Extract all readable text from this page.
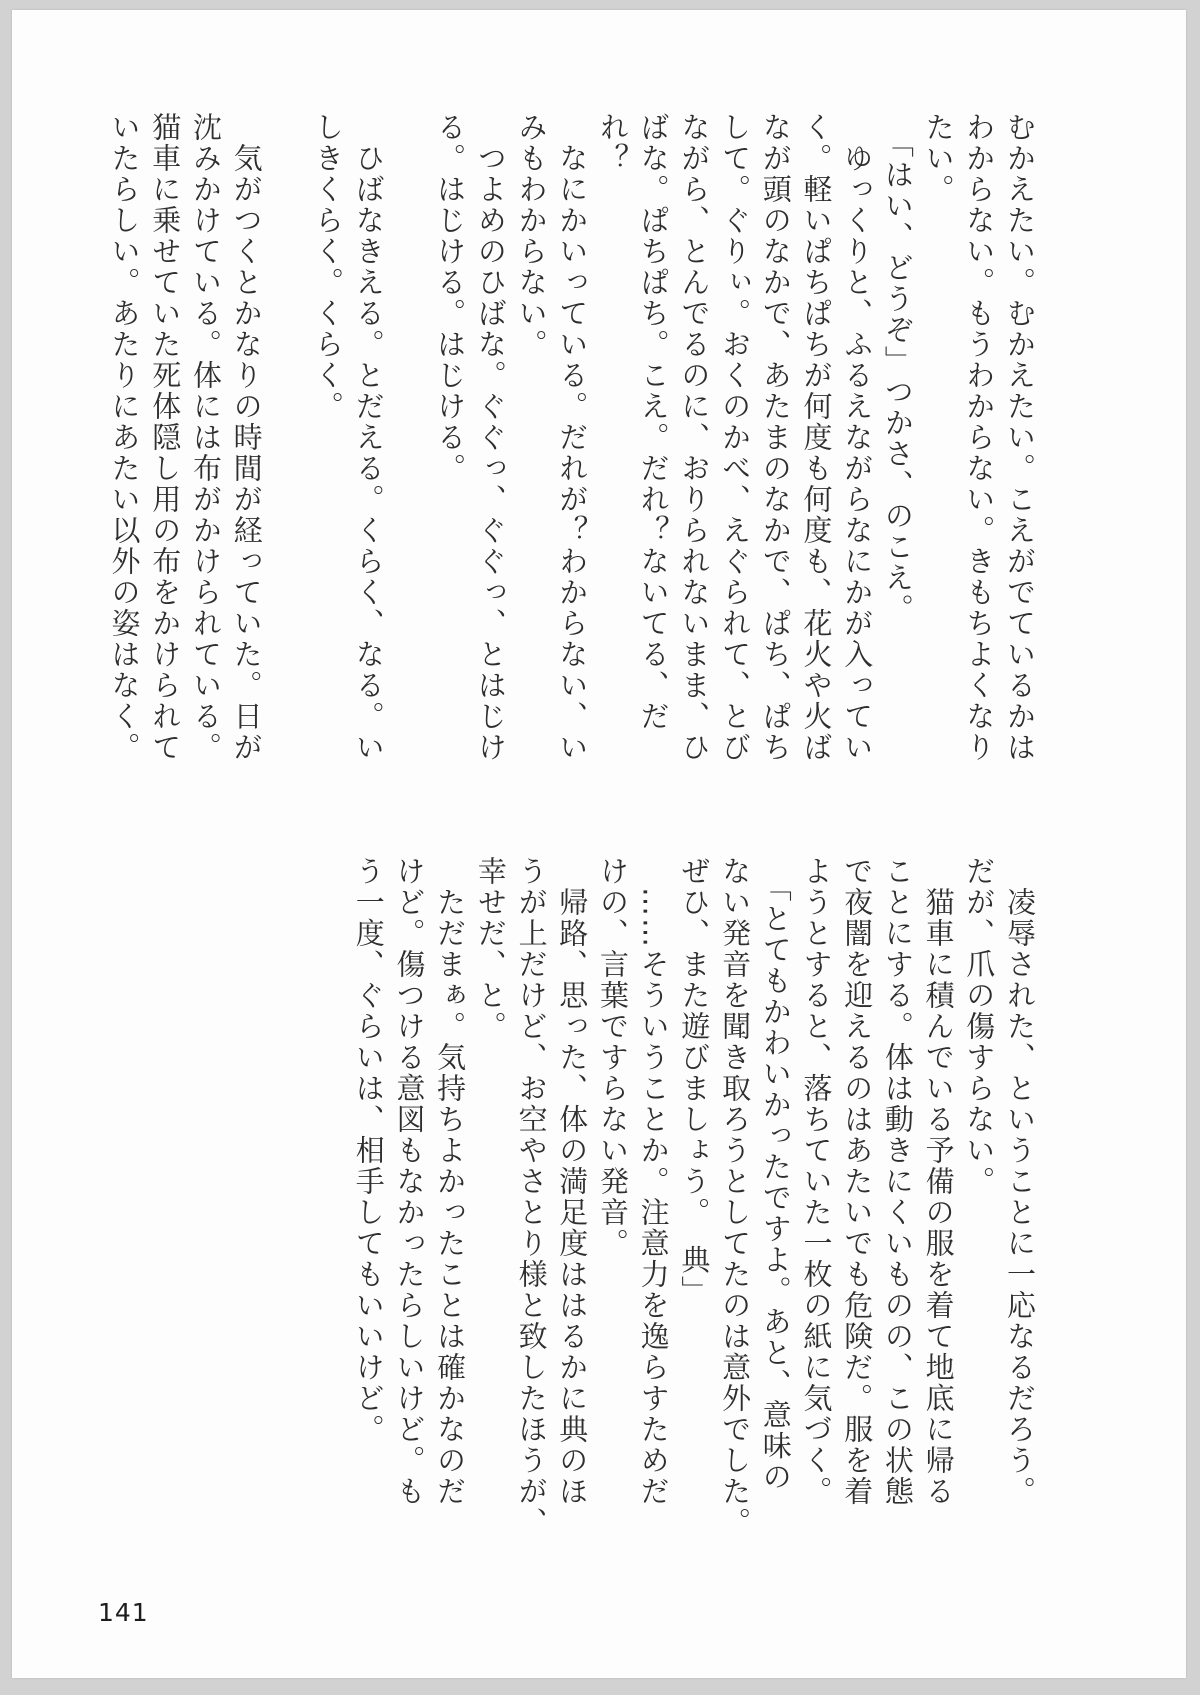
むかえたい。むかえたい。こえがでているかは
わからない。もうわからない。きもちよくなり
たい。
　「はい、どうぞ」つかさ、のこえ。
　ゆっくりと、ふるえながらなにかが入ってい
く。軽いぱちぱちが何度も何度も、花火や火ば
なが頭のなかで、あたまのなかで、ぱち、ぱち
して。ぐりぃ。おくのかべ、えぐられて、とび
ながら、とんでるのに、おりられないまま、ひ
ばな。ぱちぱち。こえ。だれ？ないてる、だ
れ？
　なにかいっている。だれが？わからない、い
みもわからない。
　つよめのひばな。ぐぐっ、ぐぐっ、とはじけ
る。はじける。はじける。

　ひばなきえる。とだえる。くらく、なる。い
しきくらく。くらく。

　気がつくとかなりの時間が経っていた。日が
沈みかけている。体には布がかけられている。
猫車に乗せていた死体隠し用の布をかけられて
いたらしい。あたりにあたい以外の姿はなく。
　凌辱された、ということに一応なるだろう。
だが、爪の傷すらない。
　猫車に積んでいる予備の服を着て地底に帰る
ことにする。体は動きにくいものの、この状態
で夜闇を迎えるのはあたいでも危険だ。服を着
ようとすると、落ちていた一枚の紙に気づく。
　「とてもかわいかったですよ。あと、意味の
ない発音を聞き取ろうとしてたのは意外でした。
ぜひ、また遊びましょう。　典」
　……そういうことか。注意力を逸らすためだ
けの、言葉ですらない発音。
　帰路、思った、体の満足度ははるかに典のほ
うが上だけど、お空やさとり様と致したほうが、
幸せだ、と。
　ただまぁ。気持ちよかったことは確かなのだ
けど。傷つける意図もなかったらしいけど。も
う一度、ぐらいは、相手してもいいけど。
141
